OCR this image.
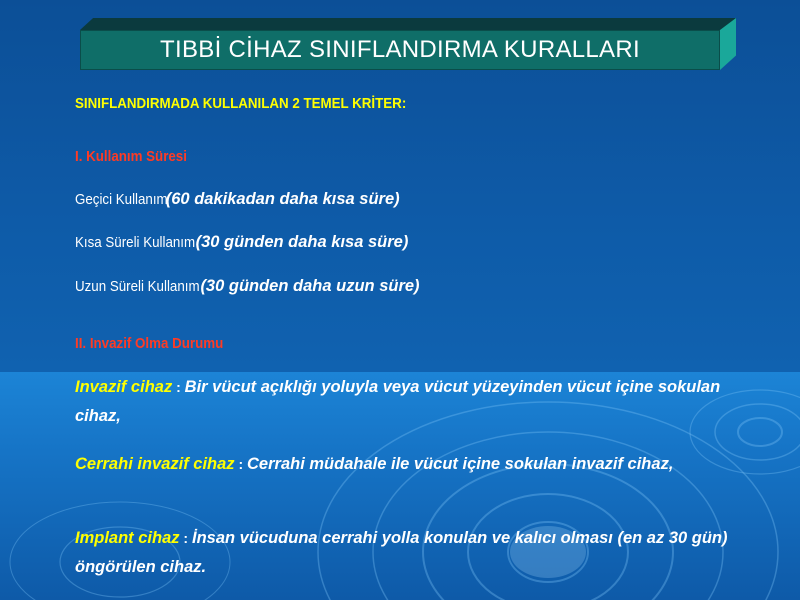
TIBBİ CİHAZ SINIFLANDIRMA KURALLARI
SINIFLANDIRMADA KULLANILAN 2 TEMEL KRİTER:
I. Kullanım Süresi
Geçici Kullanım (60 dakikadan daha kısa süre)
Kısa Süreli Kullanım (30 günden daha kısa süre)
Uzun Süreli Kullanım (30 günden daha uzun süre)
II. Invazif Olma Durumu
Invazif cihaz : Bir vücut açıklığı yoluyla veya vücut yüzeyinden vücut içine sokulan cihaz,
Cerrahi invazif cihaz : Cerrahi müdahale ile vücut içine sokulan invazif cihaz,
Implant cihaz : İnsan vücuduna cerrahi yolla konulan ve kalıcı olması (en az 30 gün) öngörülen cihaz.
